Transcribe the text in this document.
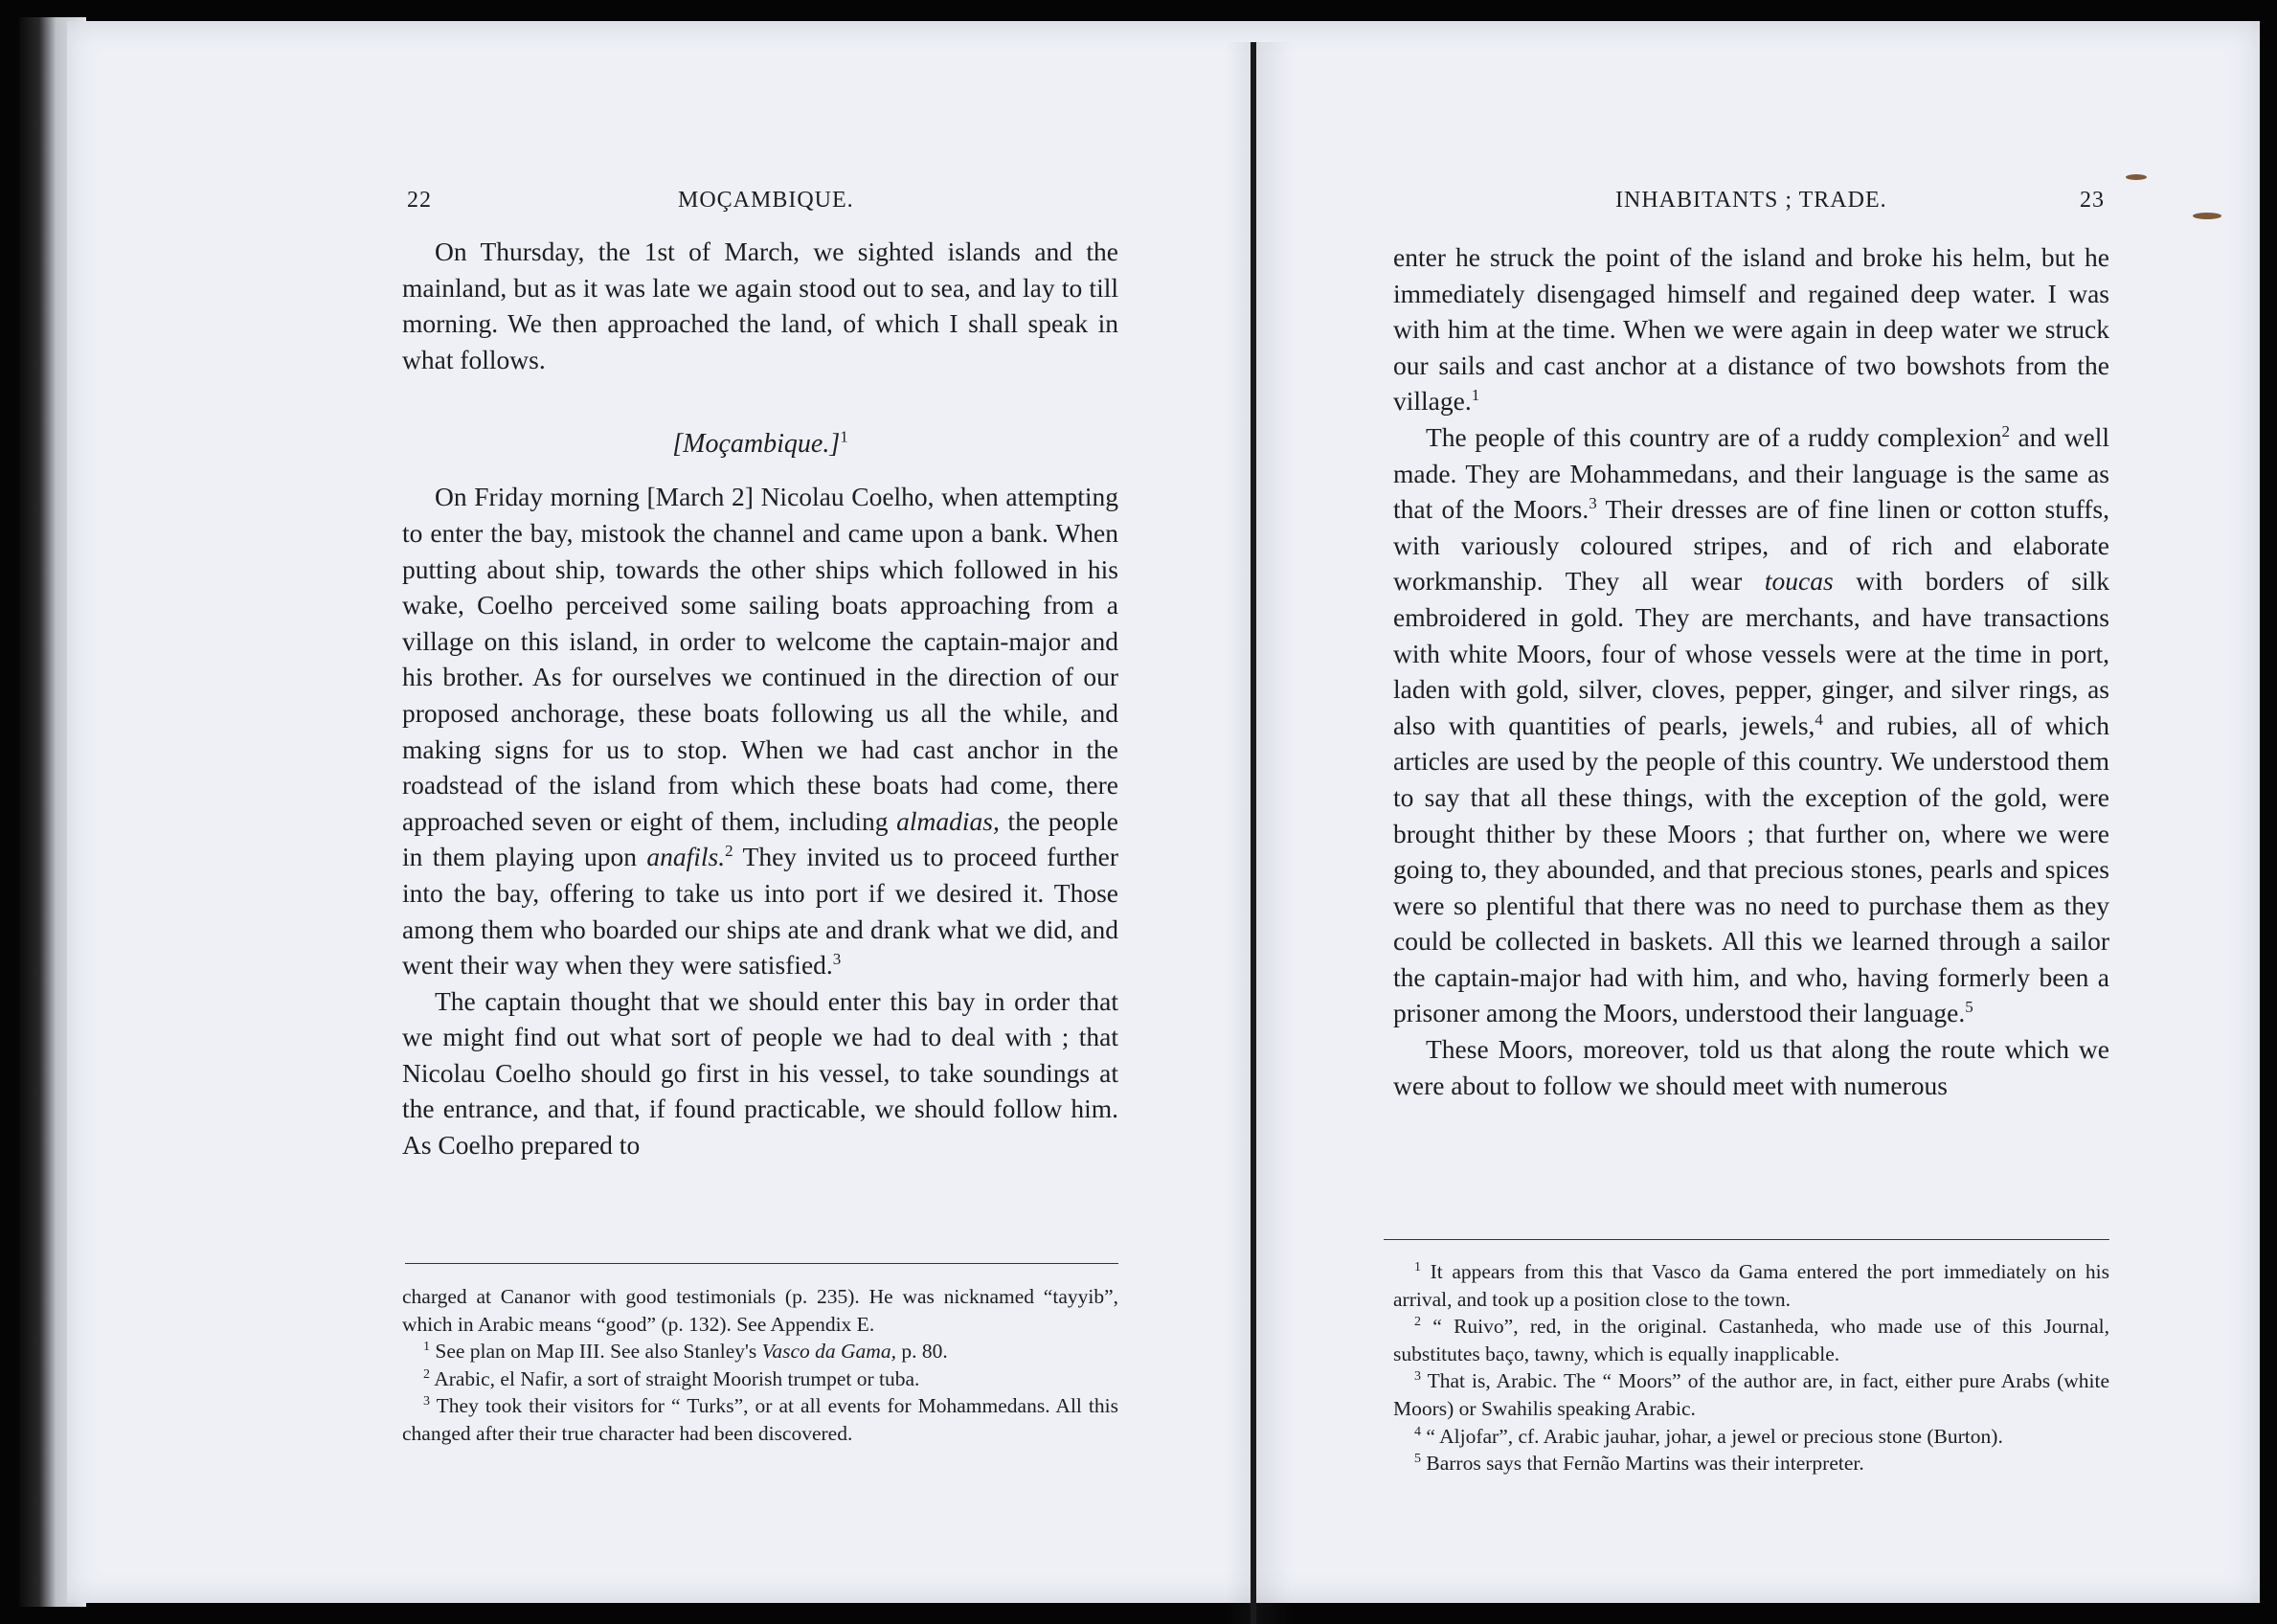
22	MOÇAMBIQUE.

On Thursday, the 1st of March, we sighted islands and the mainland, but as it was late we again stood out to sea, and lay to till morning. We then approached the land, of which I shall speak in what follows.

[Moçambique.]$^1$

On Friday morning [March 2] Nicolau Coelho, when attempting to enter the bay, mistook the channel and came upon a bank. When putting about ship, towards the other ships which followed in his wake, Coelho perceived some sailing boats approaching from a village on this island, in order to welcome the captain-major and his brother. As for ourselves we continued in the direction of our proposed anchorage, these boats following us all the while, and making signs for us to stop. When we had cast anchor in the roadstead of the island from which these boats had come, there approached seven or eight of them, including almadias, the people in them playing upon anafils.$^2$ They invited us to proceed further into the bay, offering to take us into port if we desired it. Those among them who boarded our ships ate and drank what we did, and went their way when they were satisfied.$^3$

The captain thought that we should enter this bay in order that we might find out what sort of people we had to deal with ; that Nicolau Coelho should go first in his vessel, to take soundings at the entrance, and that, if found practicable, we should follow him. As Coelho prepared to

charged at Cananor with good testimonials (p. 235). He was nicknamed “tayyib”, which in Arabic means “good” (p. 132). See Appendix E.

$^1$ See plan on Map III. See also Stanley's Vasco da Gama, p. 80.

$^2$ Arabic, el Nafir, a sort of straight Moorish trumpet or tuba.

$^3$ They took their visitors for “ Turks”, or at all events for Mohammedans. All this changed after their true character had been discovered.

INHABITANTS ; TRADE.	23

enter he struck the point of the island and broke his helm, but he immediately disengaged himself and regained deep water. I was with him at the time. When we were again in deep water we struck our sails and cast anchor at a distance of two bowshots from the village.$^1$

The people of this country are of a ruddy complexion$^2$ and well made. They are Mohammedans, and their language is the same as that of the Moors.$^3$ Their dresses are of fine linen or cotton stuffs, with variously coloured stripes, and of rich and elaborate workmanship. They all wear toucas with borders of silk embroidered in gold. They are merchants, and have transactions with white Moors, four of whose vessels were at the time in port, laden with gold, silver, cloves, pepper, ginger, and silver rings, as also with quantities of pearls, jewels,$^4$ and rubies, all of which articles are used by the people of this country. We understood them to say that all these things, with the exception of the gold, were brought thither by these Moors ; that further on, where we were going to, they abounded, and that precious stones, pearls and spices were so plentiful that there was no need to purchase them as they could be collected in baskets. All this we learned through a sailor the captain-major had with him, and who, having formerly been a prisoner among the Moors, understood their language.$^5$

These Moors, moreover, told us that along the route which we were about to follow we should meet with numerous

$^1$ It appears from this that Vasco da Gama entered the port immediately on his arrival, and took up a position close to the town.

$^2$ “ Ruivo”, red, in the original. Castanheda, who made use of this Journal, substitutes baço, tawny, which is equally inapplicable.

$^3$ That is, Arabic. The “ Moors” of the author are, in fact, either pure Arabs (white Moors) or Swahilis speaking Arabic.

$^4$ “ Aljofar”, cf. Arabic jauhar, johar, a jewel or precious stone (Burton).

$^5$ Barros says that Fernão Martins was their interpreter.
